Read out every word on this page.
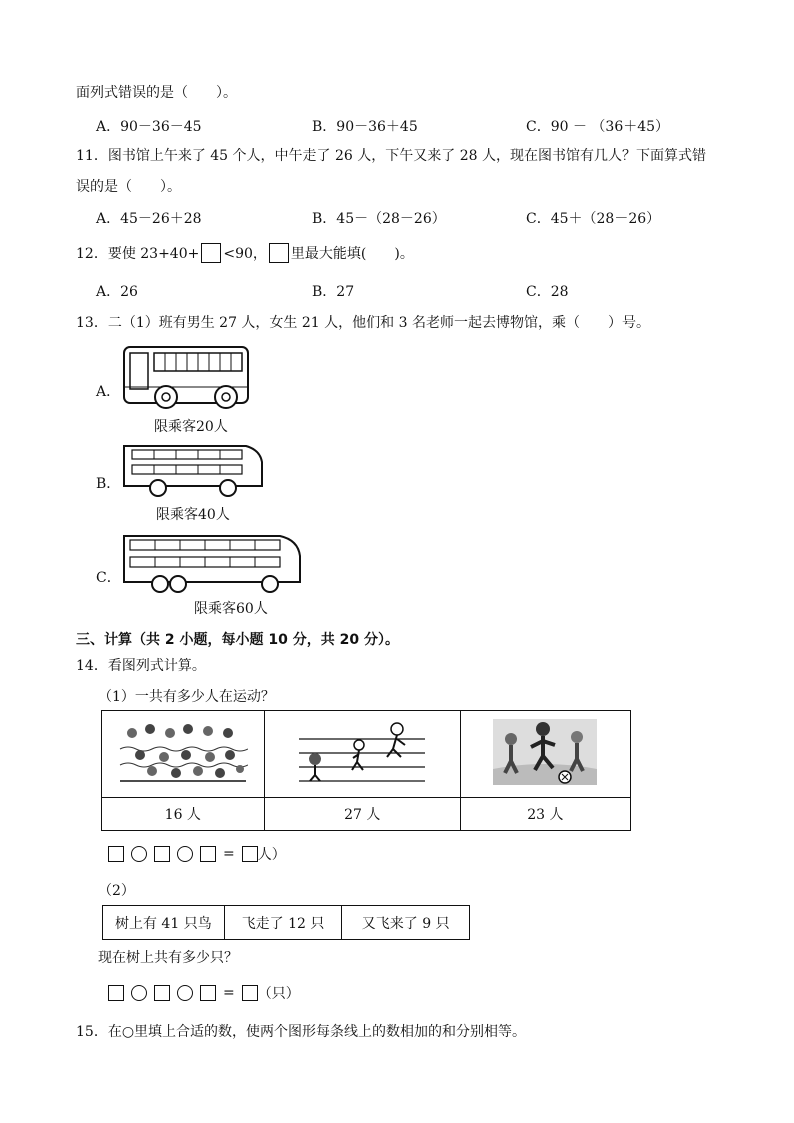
面列式错误的是（　　）。
A．90－36－45	B．90－36＋45	C．90 － （36＋45）
11．图书馆上午来了 45 个人，中午走了 26 人，下午又来了 28 人，现在图书馆有几人？下面算式错
误的是（　　）。
A．45－26＋28	B．45－（28－26）	C．45＋（28－26）
12．要使 23+40+ <90， 里最大能填(　　)。
A．26	B．27	C．28
13．二（1）班有男生 27 人，女生 21 人，他们和 3 名老师一起去博物馆，乘（　　）号。
A．
限乘客20人
B．
限乘客40人
C．
限乘客60人
三、计算（共 2 小题，每小题 10 分，共 20 分）。
14．看图列式计算。
（1）一共有多少人在运动？

16 人	27 人	23 人
= 人）
（2）
树上有 41 只鸟	飞走了 12 只	又飞来了 9 只
现在树上共有多少只？
= （只）
15．在○里填上合适的数，使两个图形每条线上的数相加的和分别相等。
